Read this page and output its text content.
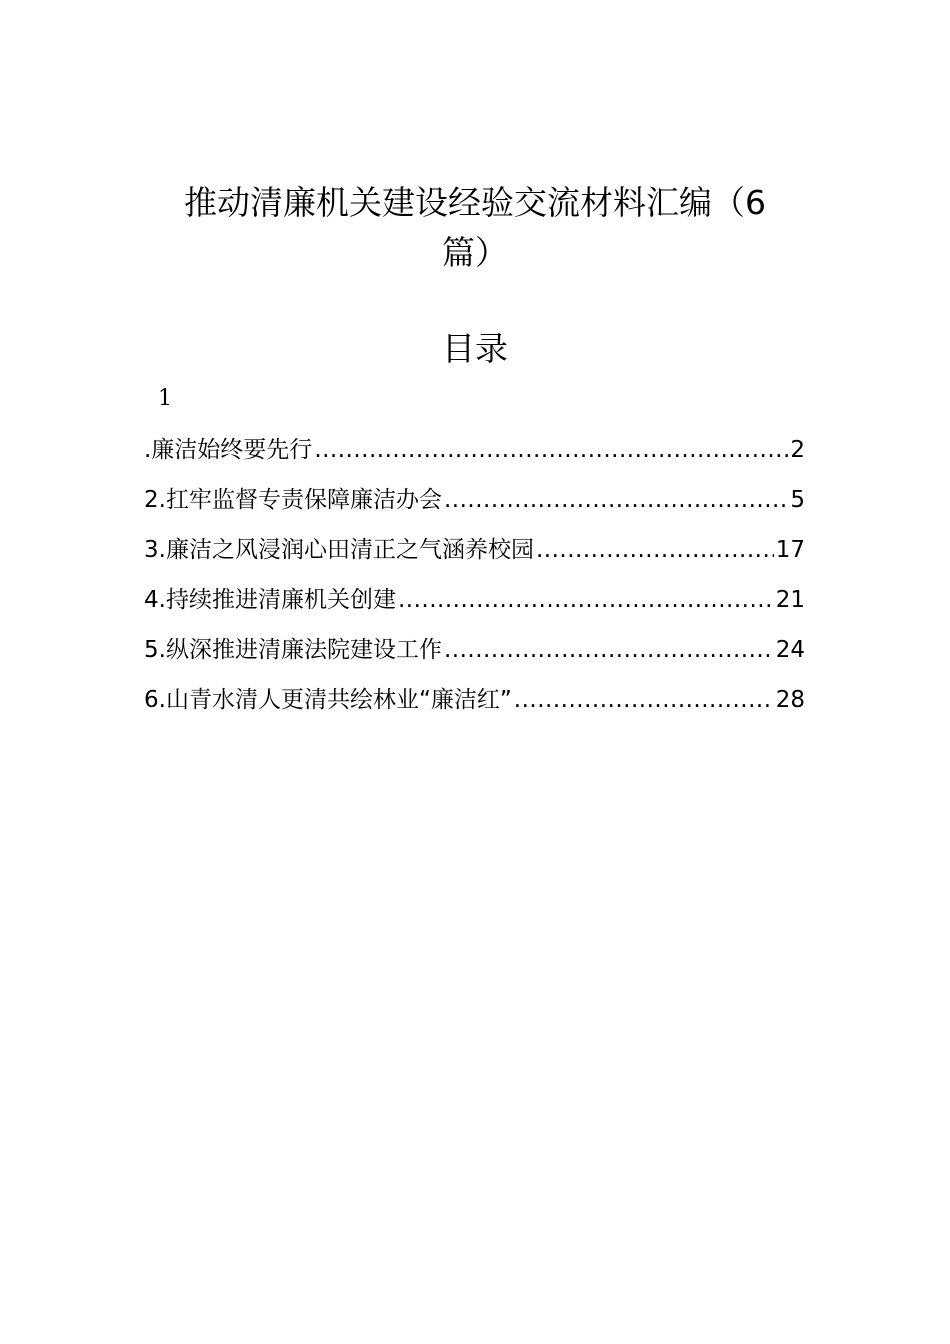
推动清廉机关建设经验交流材料汇编（6
篇）
目录
1
.廉洁始终要先行 .....	2
2.扛牢监督专责保障廉洁办会 .....	5
3.廉洁之风浸润心田清正之气涵养校园 .....	17
4.持续推进清廉机关创建 .....	21
5.纵深推进清廉法院建设工作 .....	24
6.山青水清人更清共绘林业“廉洁红” .....	28
